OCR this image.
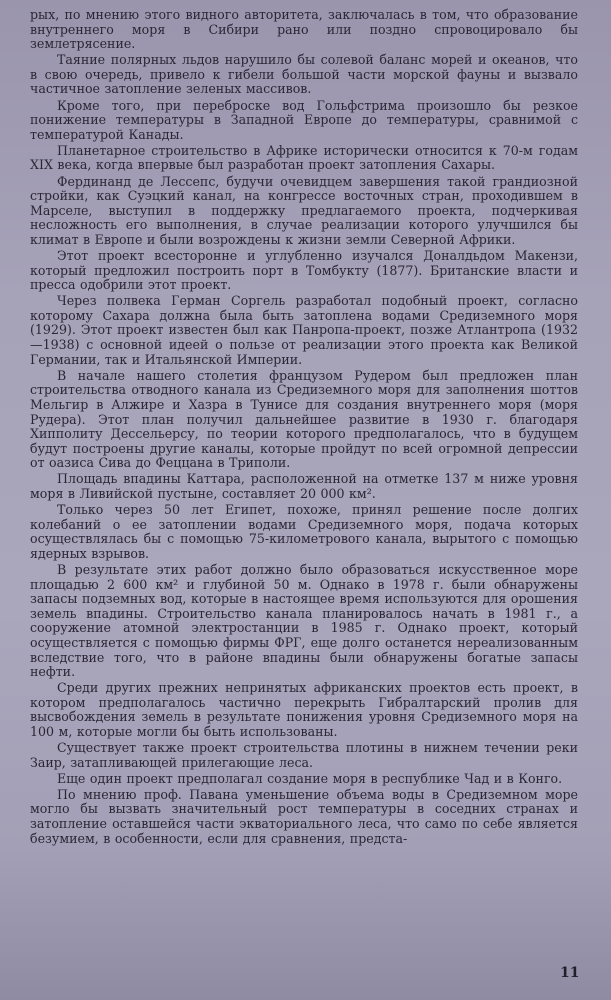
рых, по мнению этого видного авторитета, заключалась в том, что образование внутреннего моря в Сибири рано или поздно спровоцировало бы землетрясение.

Таяние полярных льдов нарушило бы солевой баланс морей и океанов, что в свою очередь, привело к гибели большой части морской фауны и вызвало частичное затопление зеленых массивов.

Кроме того, при переброске вод Гольфстрима произошло бы резкое понижение температуры в Западной Европе до температуры, сравнимой с температурой Канады.

Планетарное строительство в Африке исторически относится к 70-м годам XIX века, когда впервые был разработан проект затопления Сахары.

Фердинанд де Лессепс, будучи очевидцем завершения такой грандиозной стройки, как Суэцкий канал, на конгрессе восточных стран, проходившем в Марселе, выступил в поддержку предлагаемого проекта, подчеркивая несложность его выполнения, в случае реализации которого улучшился бы климат в Европе и были возрождены к жизни земли Северной Африки.

Этот проект всесторонне и углубленно изучался Доналдьдом Макензи, который предложил построить порт в Томбукту (1877). Британские власти и пресса одобрили этот проект.

Через полвека Герман Соргель разработал подобный проект, согласно которому Сахара должна была быть затоплена водами Средиземного моря (1929). Этот проект известен был как Панропа-проект, позже Атлантропа (1932—1938) с основной идеей о пользе от реализации этого проекта как Великой Германии, так и Итальянской Империи.

В начале нашего столетия французом Рудером был предложен план строительства отводного канала из Средиземного моря для заполнения шоттов Мельгир в Алжире и Хазра в Тунисе для создания внутреннего моря (моря Рудера). Этот план получил дальнейшее развитие в 1930 г. благодаря Хипполиту Дессельерсу, по теории которого предполагалось, что в будущем будут построены другие каналы, которые пройдут по всей огромной депрессии от оазиса Сива до Феццана в Триполи.

Площадь впадины Каттара, расположенной на отметке 137 м ниже уровня моря в Ливийской пустыне, составляет 20 000 км².

Только через 50 лет Египет, похоже, принял решение после долгих колебаний о ее затоплении водами Средиземного моря, подача которых осуществлялась бы с помощью 75-километрового канала, вырытого с помощью ядерных взрывов.

В результате этих работ должно было образоваться искусственное море площадью 2 600 км² и глубиной 50 м. Однако в 1978 г. были обнаружены запасы подземных вод, которые в настоящее время используются для орошения земель впадины. Строительство канала планировалось начать в 1981 г., а сооружение атомной электростанции в 1985 г. Однако проект, который осуществляется с помощью фирмы ФРГ, еще долго останется нереализованным вследствие того, что в районе впадины были обнаружены богатые запасы нефти.

Среди других прежних непринятых африканских проектов есть проект, в котором предполагалось частично перекрыть Гибралтарский пролив для высвобождения земель в результате понижения уровня Средиземного моря на 100 м, которые могли бы быть использованы.

Существует также проект строительства плотины в нижнем течении реки Заир, затапливающей прилегающие леса.

Еще один проект предполагал создание моря в республике Чад и в Конго.

По мнению проф. Павана уменьшение объема воды в Средиземном море могло бы вызвать значительный рост температуры в соседних странах и затопление оставшейся части экваториального леса, что само по себе является безумием, в особенности, если для сравнения, предста-

11
